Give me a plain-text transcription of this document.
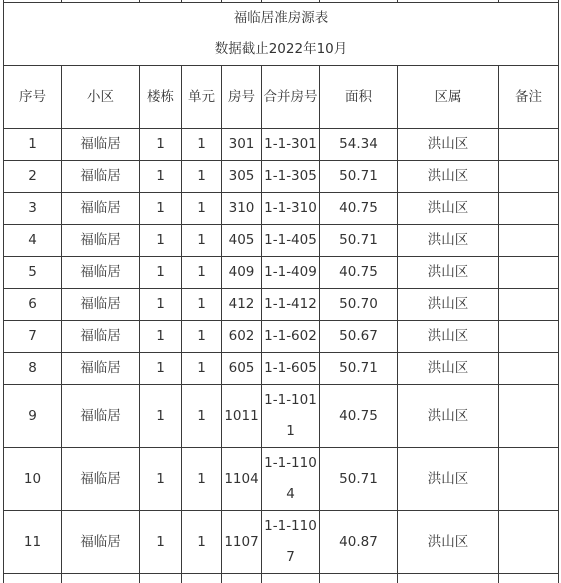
福临居准房源表								
数据截止2022年10月								
序号	小区	楼栋	单元	房号	合并房号	面积	区属	备注
1	福临居	1	1	301	1-1-301	54.34	洪山区	
2	福临居	1	1	305	1-1-305	50.71	洪山区	
3	福临居	1	1	310	1-1-310	40.75	洪山区	
4	福临居	1	1	405	1-1-405	50.71	洪山区	
5	福临居	1	1	409	1-1-409	40.75	洪山区	
6	福临居	1	1	412	1-1-412	50.70	洪山区	
7	福临居	1	1	602	1-1-602	50.67	洪山区	
8	福临居	1	1	605	1-1-605	50.71	洪山区	
9	福临居	1	1	1011	1-1-1011	40.75	洪山区	
10	福临居	1	1	1104	1-1-1104	50.71	洪山区	
11	福临居	1	1	1107	1-1-1107	40.87	洪山区	
